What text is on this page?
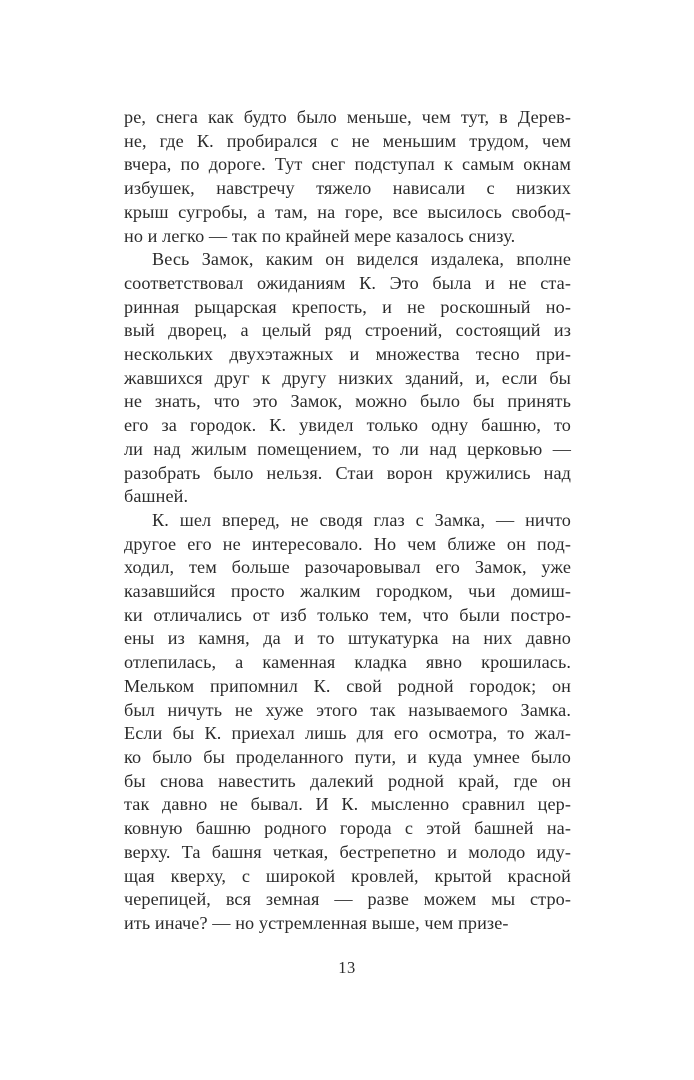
ре, снега как будто было меньше, чем тут, в Дерев-
не, где К. пробирался с не меньшим трудом, чем
вчера, по дороге. Тут снег подступал к самым окнам
избушек, навстречу тяжело нависали с низких
крыш сугробы, а там, на горе, все высилось свобод-
но и легко — так по крайней мере казалось снизу.
Весь Замок, каким он виделся издалека, вполне
соответствовал ожиданиям К. Это была и не ста-
ринная рыцарская крепость, и не роскошный но-
вый дворец, а целый ряд строений, состоящий из
нескольких двухэтажных и множества тесно при-
жавшихся друг к другу низких зданий, и, если бы
не знать, что это Замок, можно было бы принять
его за городок. К. увидел только одну башню, то
ли над жилым помещением, то ли над церковью —
разобрать было нельзя. Стаи ворон кружились над
башней.
К. шел вперед, не сводя глаз с Замка, — ничто
другое его не интересовало. Но чем ближе он под-
ходил, тем больше разочаровывал его Замок, уже
казавшийся просто жалким городком, чьи домиш-
ки отличались от изб только тем, что были постро-
ены из камня, да и то штукатурка на них давно
отлепилась, а каменная кладка явно крошилась.
Мельком припомнил К. свой родной городок; он
был ничуть не хуже этого так называемого Замка.
Если бы К. приехал лишь для его осмотра, то жал-
ко было бы проделанного пути, и куда умнее было
бы снова навестить далекий родной край, где он
так давно не бывал. И К. мысленно сравнил цер-
ковную башню родного города с этой башней на-
верху. Та башня четкая, бестрепетно и молодо иду-
щая кверху, с широкой кровлей, крытой красной
черепицей, вся земная — разве можем мы стро-
ить иначе? — но устремленная выше, чем призе-
13
